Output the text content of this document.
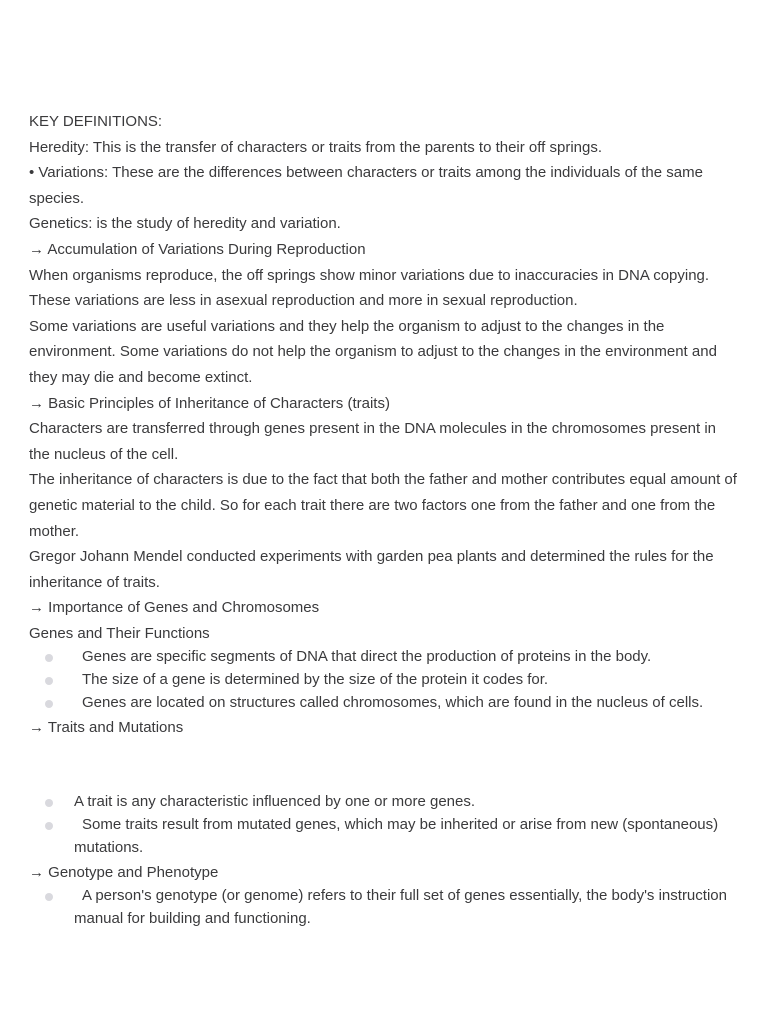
KEY DEFINITIONS:

Heredity: This is the transfer of characters or traits from the parents to their off springs.

• Variations: These are the differences between characters or traits among the individuals of the same species.

Genetics: is the study of heredity and variation.

→ Accumulation of Variations During Reproduction

When organisms reproduce, the off springs show minor variations due to inaccuracies in DNA copying. These variations are less in asexual reproduction and more in sexual reproduction.

Some variations are useful variations and they help the organism to adjust to the changes in the environment. Some variations do not help the organism to adjust to the changes in the environment and they may die and become extinct.

→ Basic Principles of Inheritance of Characters (traits)

Characters are transferred through genes present in the DNA molecules in the chromosomes present in the nucleus of the cell.

The inheritance of characters is due to the fact that both the father and mother contributes equal amount of genetic material to the child. So for each trait there are two factors one from the father and one from the mother.

Gregor Johann Mendel conducted experiments with garden pea plants and determined the rules for the inheritance of traits.

→ Importance of Genes and Chromosomes

Genes and Their Functions

Genes are specific segments of DNA that direct the production of proteins in the body.
The size of a gene is determined by the size of the protein it codes for.
Genes are located on structures called chromosomes, which are found in the nucleus of cells.

→ Traits and Mutations

A trait is any characteristic influenced by one or more genes.
Some traits result from mutated genes, which may be inherited or arise from new (spontaneous) mutations.

→ Genotype and Phenotype

A person's genotype (or genome) refers to their full set of genes essentially, the body's instruction manual for building and functioning.
